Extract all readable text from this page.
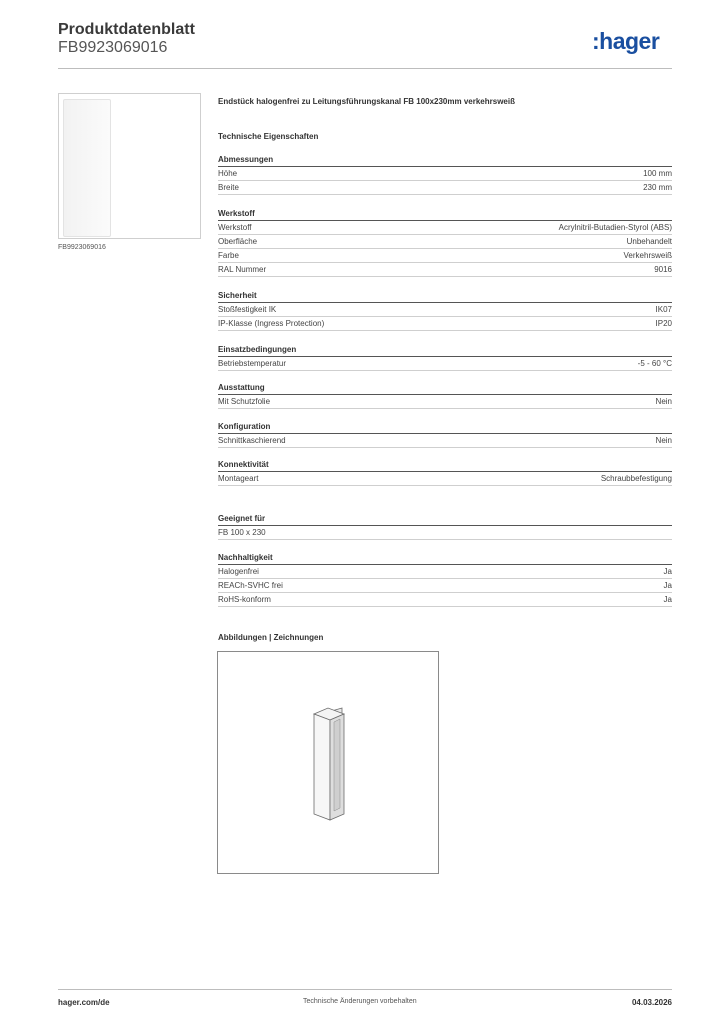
Produktdatenblatt
FB9923069016	:hager
FB9923069016
Endstück halogenfrei zu Leitungsführungskanal FB 100x230mm verkehrsweiß
Technische Eigenschaften
Abmessungen
Höhe	100 mm
Breite	230 mm
Werkstoff
Werkstoff	Acrylnitril-Butadien-Styrol (ABS)
Oberfläche	Unbehandelt
Farbe	Verkehrsweiß
RAL Nummer	9016
Sicherheit
Stoßfestigkeit IK	IK07
IP-Klasse (Ingress Protection)	IP20
Einsatzbedingungen
Betriebstemperatur	-5 - 60 °C
Ausstattung
Mit Schutzfolie	Nein
Konfiguration
Schnittkaschierend	Nein
Konnektivität
Montageart	Schraubbefestigung
Geeignet für
FB 100 x 230
Nachhaltigkeit
Halogenfrei	Ja
REACh-SVHC frei	Ja
RoHS-konform	Ja
Abbildungen | Zeichnungen
hager.com/de	Technische Änderungen vorbehalten	04.03.2026
